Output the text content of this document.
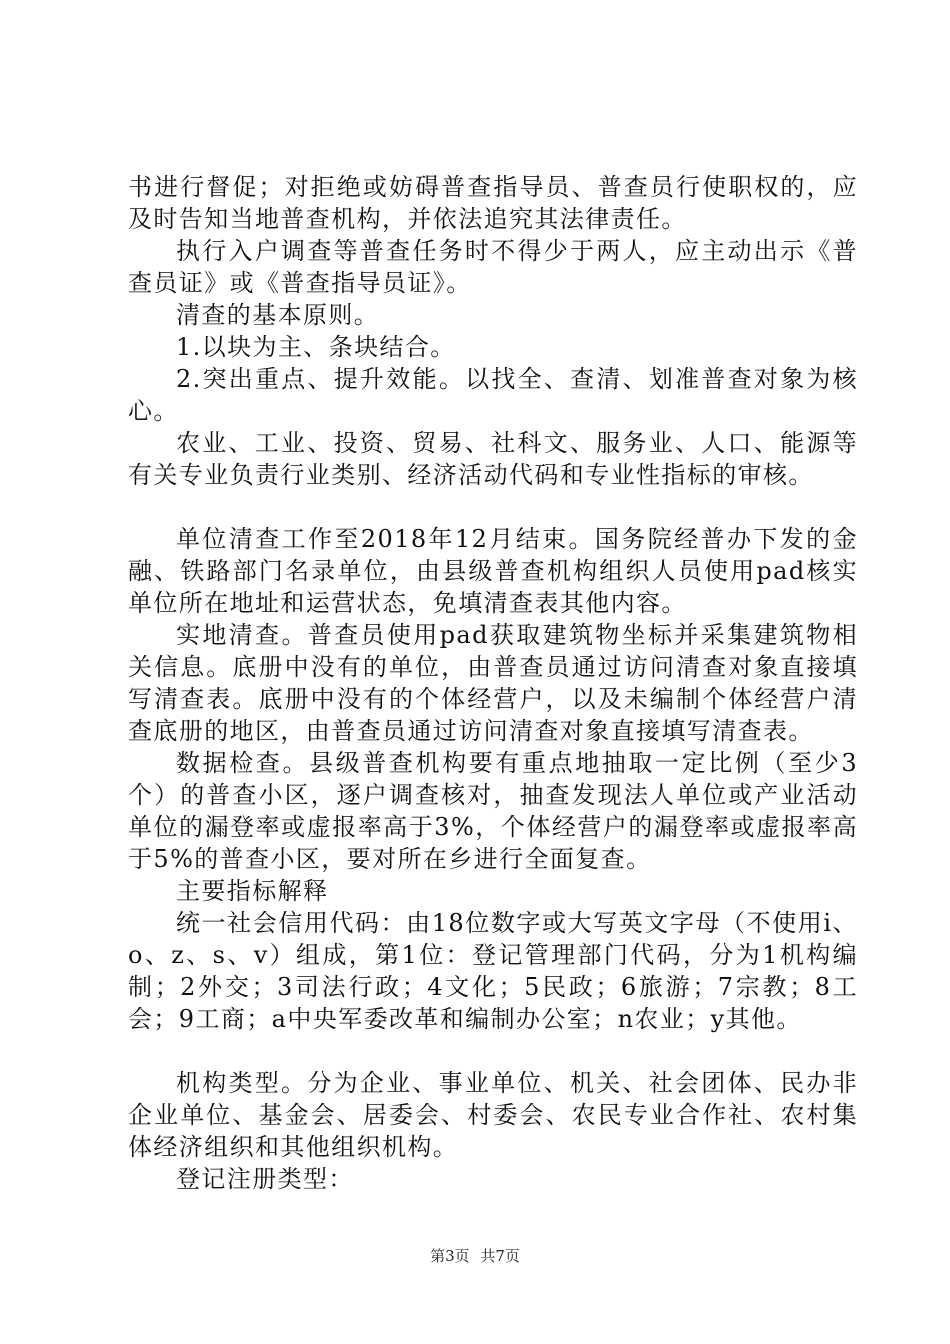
书进行督促；对拒绝或妨碍普查指导员、普查员行使职权的，应及时告知当地普查机构，并依法追究其法律责任。

执行入户调查等普查任务时不得少于两人，应主动出示《普查员证》或《普查指导员证》。

清查的基本原则。

1.以块为主、条块结合。

2.突出重点、提升效能。以找全、查清、划准普查对象为核心。

农业、工业、投资、贸易、社科文、服务业、人口、能源等有关专业负责行业类别、经济活动代码和专业性指标的审核。

单位清查工作至2018年12月结束。国务院经普办下发的金融、铁路部门名录单位，由县级普查机构组织人员使用pad核实单位所在地址和运营状态，免填清查表其他内容。

实地清查。普查员使用pad获取建筑物坐标并采集建筑物相关信息。底册中没有的单位，由普查员通过访问清查对象直接填写清查表。底册中没有的个体经营户，以及未编制个体经营户清查底册的地区，由普查员通过访问清查对象直接填写清查表。

数据检查。县级普查机构要有重点地抽取一定比例（至少3个）的普查小区，逐户调查核对，抽查发现法人单位或产业活动单位的漏登率或虚报率高于3%，个体经营户的漏登率或虚报率高于5%的普查小区，要对所在乡进行全面复查。

主要指标解释

统一社会信用代码：由18位数字或大写英文字母（不使用i、o、z、s、v）组成，第1位：登记管理部门代码，分为1机构编制；2外交；3司法行政；4文化；5民政；6旅游；7宗教；8工会；9工商；a中央军委改革和编制办公室；n农业；y其他。

机构类型。分为企业、事业单位、机关、社会团体、民办非企业单位、基金会、居委会、村委会、农民专业合作社、农村集体经济组织和其他组织机构。

登记注册类型：

第3页 共7页
